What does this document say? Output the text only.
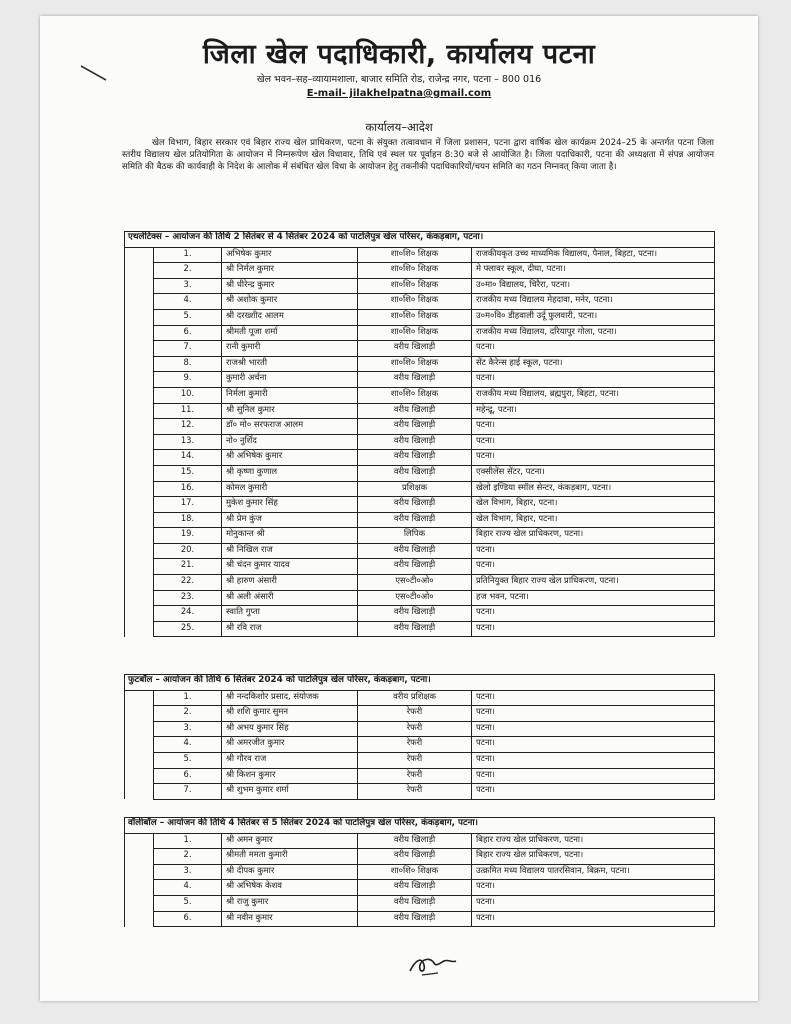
जिला खेल पदाधिकारी, कार्यालय पटना
खेल भवन–सह–व्यायामशाला, बाजार समिति रोड, राजेन्द्र नगर, पटना – 800 016
E-mail- jilakhelpatna@gmail.com
कार्यालय–आदेश

खेल विभाग, बिहार सरकार एवं बिहार राज्य खेल प्राधिकरण, पटना के संयुक्त तत्वावधान में जिला प्रशासन, पटना द्वारा वार्षिक खेल कार्यक्रम 2024–25 के अन्तर्गत पटना जिला स्तरीय विद्यालय खेल प्रतियोगिता के आयोजन में निम्नरूपेण खेल विधावार, तिथि एवं स्थल पर पूर्वाहन 8:30 बजे से आयोजित है। जिला पदाधिकारी, पटना की अध्यक्षता में संपन्न आयोजन समिति की बैठक की कार्यवाही के निदेश के आलोक में संबंधित खेल विधा के आयोजन हेतु तकनीकी पदाधिकारियों/चयन समिति का गठन निम्नवत् किया जाता है।

एथलेटिक्स – आयोजन की तिथि 2 सितंबर से 4 सितंबर 2024 को पाटलिपुत्र खेल परिसर, कंकड़बाग, पटना।				
	1.	अभिषेक कुमार	शा०शि० शिक्षक	राजकीयकृत उच्च माध्यमिक विद्यालय, पैनाल, बिहटा, पटना।
	2.	श्री निर्मल कुमार	शा०शि० शिक्षक	मे फ्लावर स्कूल, दीघा, पटना।
	3.	श्री धीरेन्द्र कुमार	शा०शि० शिक्षक	उ०मा० विद्यालय, चिरैरा, पटना।
	4.	श्री अशोक कुमार	शा०शि० शिक्षक	राजकीय मध्य विद्यालय मेहदावा, मनेर, पटना।
	5.	श्री दरख्शीद आलम	शा०शि० शिक्षक	उ०म०वि० डीहवाली उर्दू फुलवारी, पटना।
	6.	श्रीमती पूजा शर्मा	शा०शि० शिक्षक	राजकीय मध्य विद्यालय, दरियापुर गोला, पटना।
	7.	रानी कुमारी	वरीय खिलाड़ी	पटना।
	8.	राजश्री भारती	शा०शि० शिक्षक	सेंट कैरेन्स हाई स्कूल, पटना।
	9.	कुमारी अर्चना	वरीय खिलाड़ी	पटना।
	10.	निर्मला कुमारी	शा०शि० शिक्षक	राजकीय मध्य विद्यालय, ब्रह्मपुरा, बिहटा, पटना।
	11.	श्री सुनिल कुमार	वरीय खिलाड़ी	महेन्द्रू, पटना।
	12.	डॉ० मो० सरफराज आलम	वरीय खिलाड़ी	पटना।
	13.	नो० नुर्शिद	वरीय खिलाड़ी	पटना।
	14.	श्री अभिषेक कुमार	वरीय खिलाड़ी	पटना।
	15.	श्री कृष्णा कुणाल	वरीय खिलाड़ी	एक्सीलेंस सेंटर, पटना।
	16.	कोमल कुमारी	प्रशिक्षक	खेलो इण्डिया स्मॉल सेन्टर, कंकड़बाग, पटना।
	17.	मुकेश कुमार सिंह	वरीय खिलाड़ी	खेल विभाग, बिहार, पटना।
	18.	श्री प्रेम कुंज	वरीय खिलाड़ी	खेल विभाग, बिहार, पटना।
	19.	मोनुकान्त श्री	लिपिक	बिहार राज्य खेल प्राधिकरण, पटना।
	20.	श्री निखिल राज	वरीय खिलाड़ी	पटना।
	21.	श्री चंदन कुमार यादव	वरीय खिलाड़ी	पटना।
	22.	श्री हारुण अंसारी	एस०टी०ओ०	प्रतिनियुक्त बिहार राज्य खेल प्राधिकरण, पटना।
	23.	श्री अली अंसारी	एस०टी०ओ०	हज भवन, पटना।
	24.	स्वाति गुप्ता	वरीय खिलाड़ी	पटना।
	25.	श्री रवि राज	वरीय खिलाड़ी	पटना।
फुटबॉल – आयोजन की तिथि 6 सितंबर 2024 को पाटलिपुत्र खेल परिसर, कंकड़बाग, पटना।				
	1.	श्री नन्दकिशोर प्रसाद, संयोजक	वरीय प्रशिक्षक	पटना।
	2.	श्री शशि कुमार सुमन	रेफरी	पटना।
	3.	श्री अभय कुमार सिंह	रेफरी	पटना।
	4.	श्री अमरजीत कुमार	रेफरी	पटना।
	5.	श्री गौरव राज	रेफरी	पटना।
	6.	श्री किशन कुमार	रेफरी	पटना।
	7.	श्री शुभम कुमार शर्मा	रेफरी	पटना।
वॉलीबॉल – आयोजन की तिथि 4 सितंबर से 5 सितंबर 2024 को पाटलिपुत्र खेल परिसर, कंकड़बाग, पटना।				
	1.	श्री अमन कुमार	वरीय खिलाड़ी	बिहार राज्य खेल प्राधिकरण, पटना।
	2.	श्रीमती ममता कुमारी	वरीय खिलाड़ी	बिहार राज्य खेल प्राधिकरण, पटना।
	3.	श्री दीपक कुमार	शा०शि० शिक्षक	उत्क्रमित मध्य विद्यालय पातरसिवान, बिक्रम, पटना।
	4.	श्री अभिषेक केशव	वरीय खिलाड़ी	पटना।
	5.	श्री राजु कुमार	वरीय खिलाड़ी	पटना।
	6.	श्री नवीन कुमार	वरीय खिलाड़ी	पटना।
